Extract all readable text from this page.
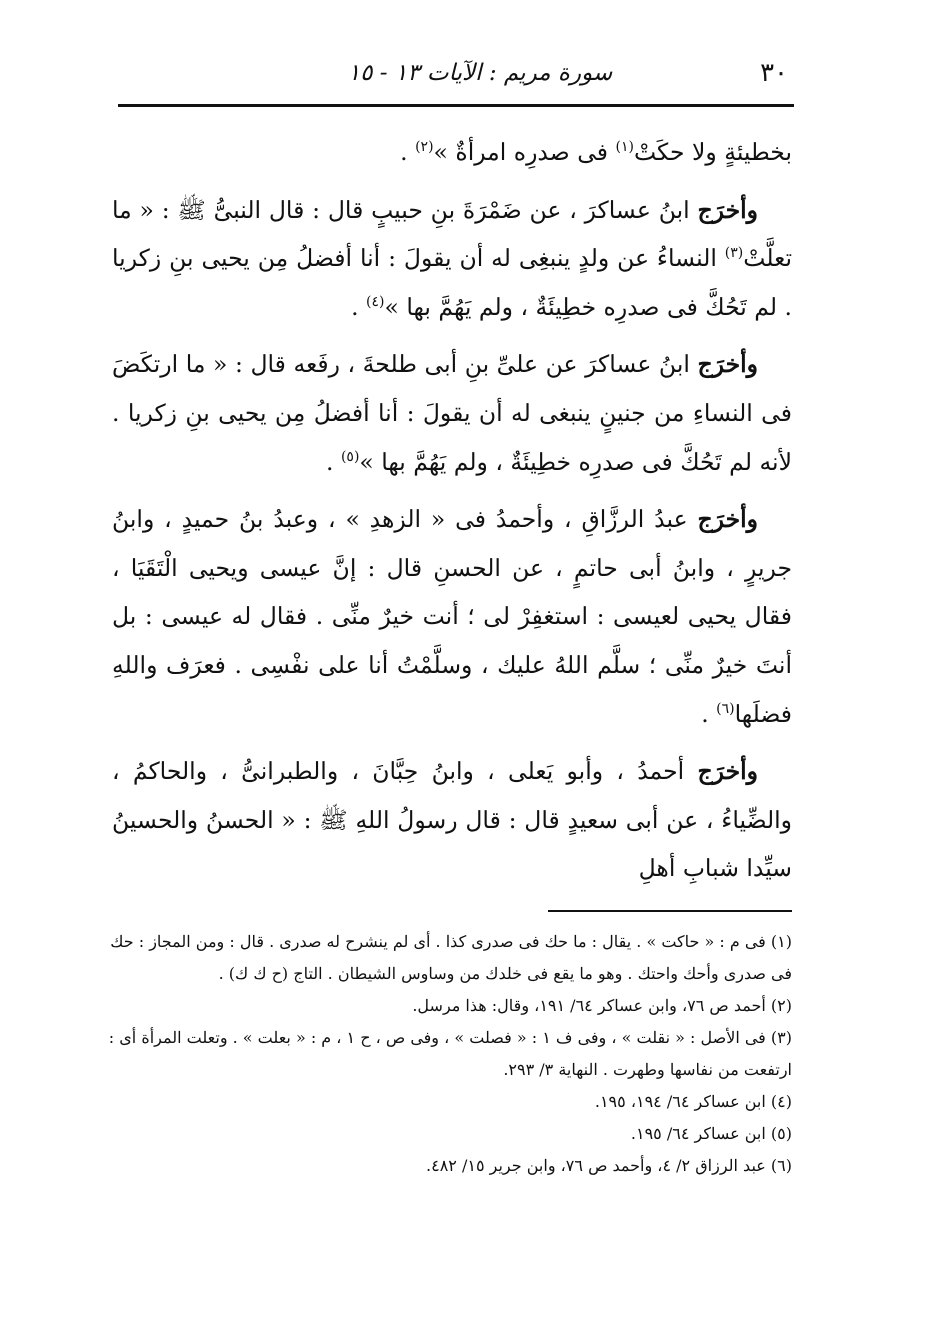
٣٠
سورة مريم : الآيات ١٣ - ١٥

بخطيئةٍ ولا حكَتْ$^{(١)}$ فى صدرِه امرأةٌ »$^{(٢)}$ .

وأخرَج ابنُ عساكرَ ، عن ضَمْرَةَ بنِ حبيبٍ قال : قال النبىُّ ﷺ : « ما تعلَّتْ$^{(٣)}$ النساءُ عن ولدٍ ينبغِى له أن يقولَ : أنا أفضلُ مِن يحيى بنِ زكريا . لم تَحُكَّ فى صدرِه خطِيئَةٌ ، ولم يَهُمَّ بها »$^{(٤)}$ .

وأخرَج ابنُ عساكرَ عن علىِّ بنِ أبى طلحةَ ، رفَعه قال : « ما ارتكَضَ فى النساءِ من جنينٍ ينبغى له أن يقولَ : أنا أفضلُ مِن يحيى بنِ زكريا . لأنه لم تَحُكَّ فى صدرِه خطِيئَةٌ ، ولم يَهُمَّ بها »$^{(٥)}$ .

وأخرَج عبدُ الرزَّاقِ ، وأحمدُ فى « الزهدِ » ، وعبدُ بنُ حميدٍ ، وابنُ جريرٍ ، وابنُ أبى حاتمٍ ، عن الحسنِ قال : إنَّ عيسى ويحيى الْتَقَيَا ، فقال يحيى لعيسى : استغفِرْ لى ؛ أنت خيرٌ منِّى . فقال له عيسى : بل أنتَ خيرٌ منِّى ؛ سلَّم اللهُ عليك ، وسلَّمْتُ أنا على نفْسِى . فعرَف واللهِ فضلَها$^{(٦)}$ .

وأخرَج أحمدُ ، وأبو يَعلى ، وابنُ حِبَّانَ ، والطبرانىُّ ، والحاكمُ ، والضِّياءُ ، عن أبى سعيدٍ قال : قال رسولُ اللهِ ﷺ : « الحسنُ والحسينُ سيِّدا شبابِ أهلِ

(١) فى م : « حاكت » . يقال : ما حك فى صدرى كذا . أى لم ينشرح له صدرى . قال : ومن المجاز : حك فى صدرى وأحك واحتك . وهو ما يقع فى خلدك من وساوس الشيطان . التاج (ح ك ك) .

(٢) أحمد ص ٧٦، وابن عساكر ٦٤/ ١٩١، وقال: هذا مرسل.

(٣) فى الأصل : « نقلت » ، وفى ف ١ : « فصلت » ، وفى ص ، ح ١ ، م : « بعلت » . وتعلت المرأة أى : ارتفعت من نفاسها وطهرت . النهاية ٣/ ٢٩٣.

(٤) ابن عساكر ٦٤/ ١٩٤، ١٩٥.

(٥) ابن عساكر ٦٤/ ١٩٥.

(٦) عبد الرزاق ٢/ ٤، وأحمد ص ٧٦، وابن جرير ١٥/ ٤٨٢.
